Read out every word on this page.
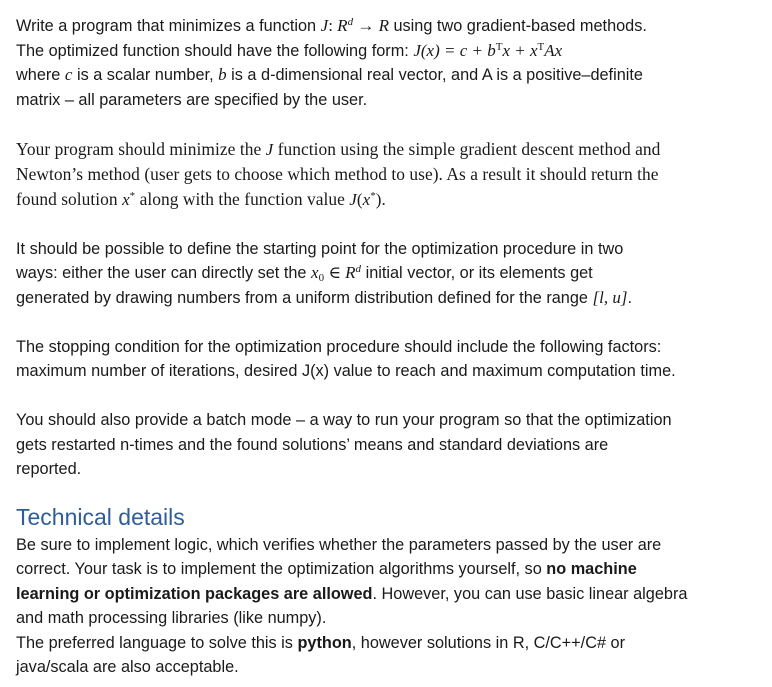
Write a program that minimizes a function J: $R^d \to R$ using two gradient-based methods.

The optimized function should have the following form: $J(x) = c + b^Tx + x^TAx$

where c is a scalar number, b is a d-dimensional real vector, and A is a positive–definite

matrix – all parameters are specified by the user.

Your program should minimize the J function using the simple gradient descent method and

Newton’s method (user gets to choose which method to use). As a result it should return the

found solution x* along with the function value J(x*).

It should be possible to define the starting point for the optimization procedure in two

ways: either the user can directly set the $x_0$ ∈ $R^d$ initial vector, or its elements get

generated by drawing numbers from a uniform distribution defined for the range [l, u].

The stopping condition for the optimization procedure should include the following factors:

maximum number of iterations, desired J(x) value to reach and maximum computation time.

You should also provide a batch mode – a way to run your program so that the optimization

gets restarted n-times and the found solutions’ means and standard deviations are

reported.

Technical details

Be sure to implement logic, which verifies whether the parameters passed by the user are

correct. Your task is to implement the optimization algorithms yourself, so no machine

learning or optimization packages are allowed. However, you can use basic linear algebra

and math processing libraries (like numpy).

The preferred language to solve this is python, however solutions in R, C/C++/C# or

java/scala are also acceptable.
